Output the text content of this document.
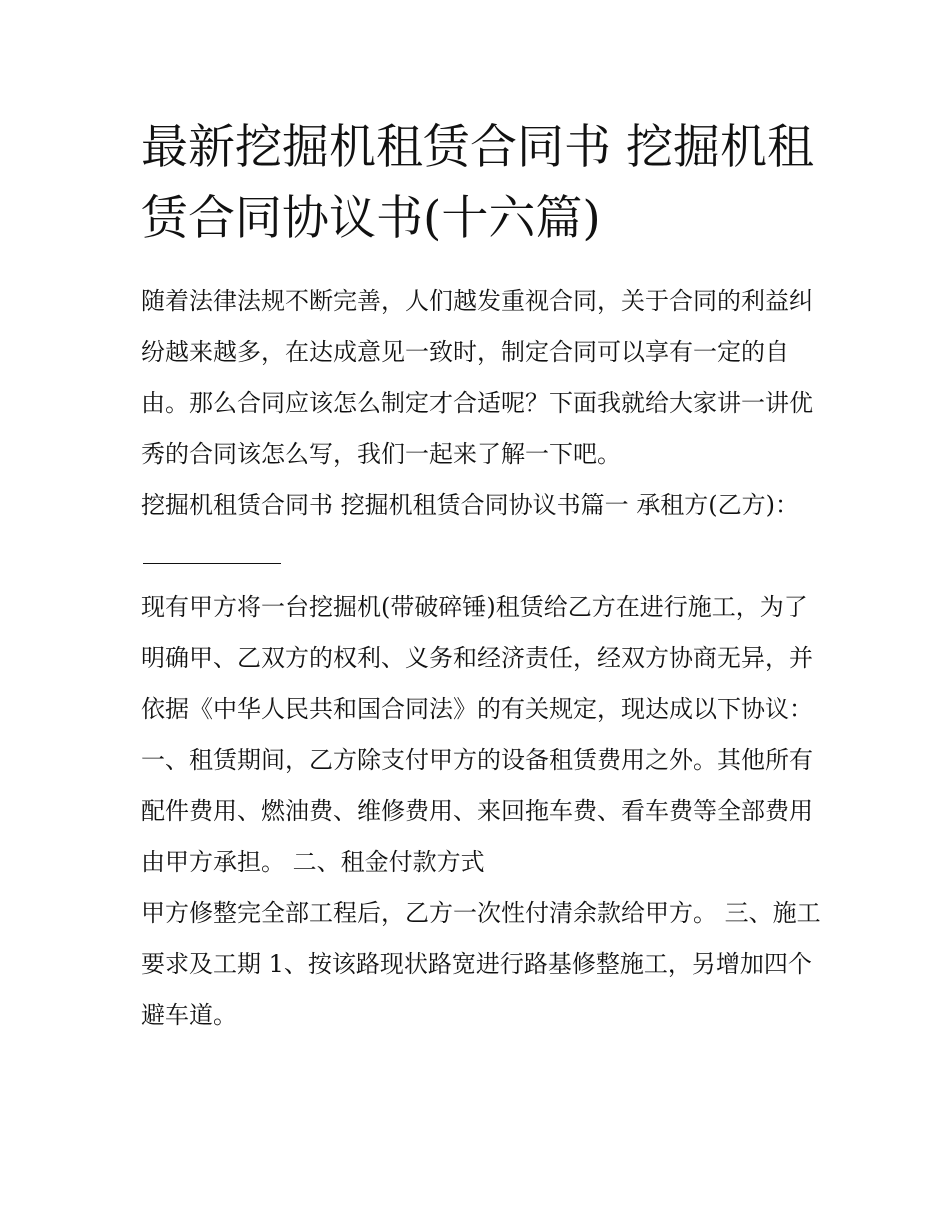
最新挖掘机租赁合同书 挖掘机租赁合同协议书(十六篇)

随着法律法规不断完善，人们越发重视合同，关于合同的利益纠纷越来越多，在达成意见一致时，制定合同可以享有一定的自由。那么合同应该怎么制定才合适呢？下面我就给大家讲一讲优秀的合同该怎么写，我们一起来了解一下吧。

挖掘机租赁合同书 挖掘机租赁合同协议书篇一 承租方(乙方)：

现有甲方将一台挖掘机(带破碎锤)租赁给乙方在进行施工，为了明确甲、乙双方的权利、义务和经济责任，经双方协商无异，并依据《中华人民共和国合同法》的有关规定，现达成以下协议：

一、租赁期间，乙方除支付甲方的设备租赁费用之外。其他所有配件费用、燃油费、维修费用、来回拖车费、看车费等全部费用由甲方承担。 二、租金付款方式

甲方修整完全部工程后，乙方一次性付清余款给甲方。 三、施工要求及工期 1、按该路现状路宽进行路基修整施工，另增加四个避车道。
